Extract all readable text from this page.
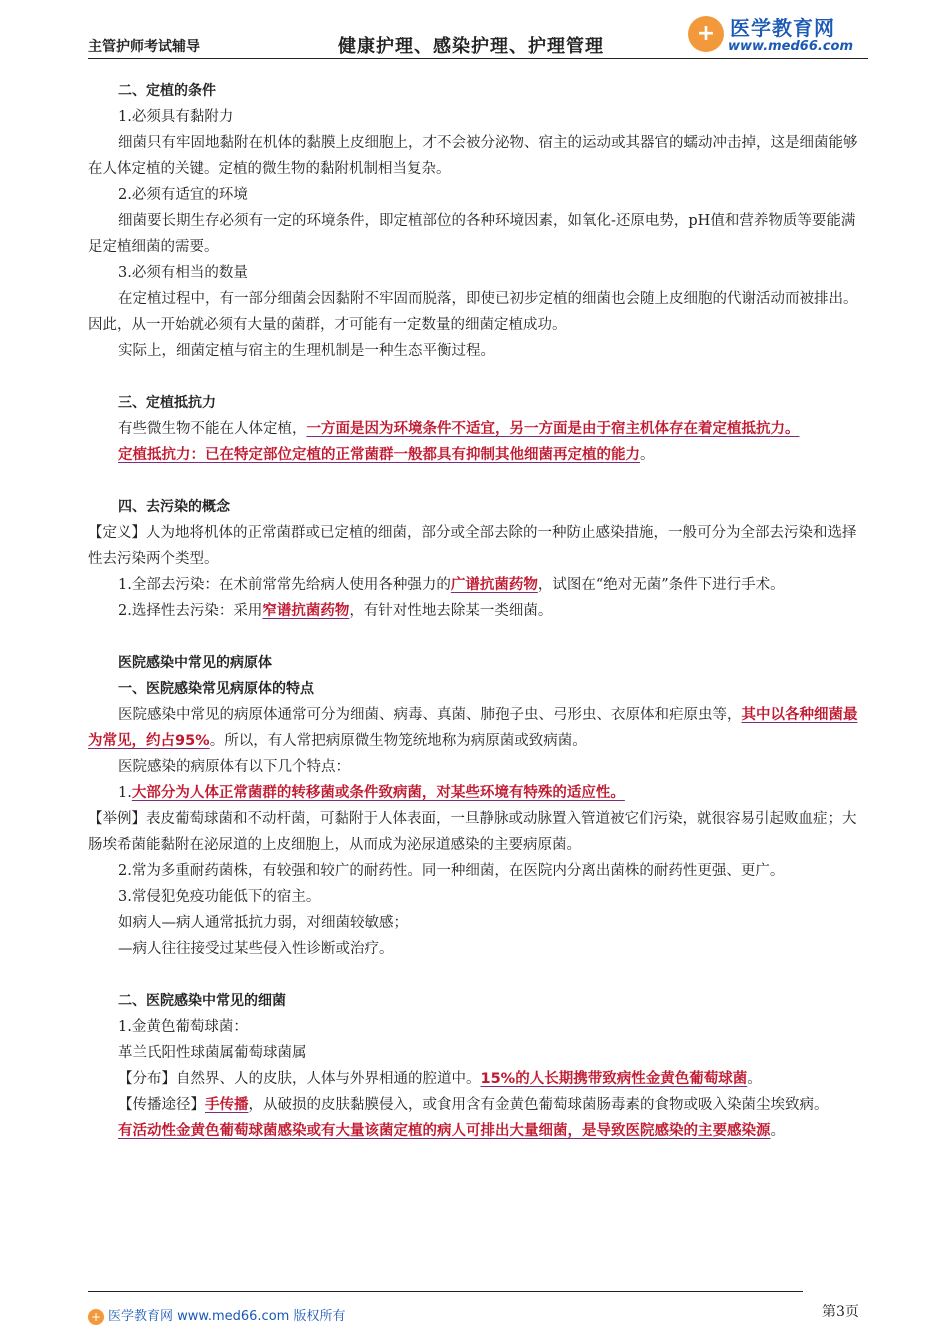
主管护师考试辅导	健康护理、感染护理、护理管理
+ 医学教育网
www.med66.com

二、定植的条件

1.必须具有黏附力

细菌只有牢固地黏附在机体的黏膜上皮细胞上，才不会被分泌物、宿主的运动或其器官的蠕动冲击掉，这是细菌能够在人体定植的关键。定植的微生物的黏附机制相当复杂。

2.必须有适宜的环境

细菌要长期生存必须有一定的环境条件，即定植部位的各种环境因素，如氧化-还原电势，pH值和营养物质等要能满足定植细菌的需要。

3.必须有相当的数量

在定植过程中，有一部分细菌会因黏附不牢固而脱落，即使已初步定植的细菌也会随上皮细胞的代谢活动而被排出。因此，从一开始就必须有大量的菌群，才可能有一定数量的细菌定植成功。

实际上，细菌定植与宿主的生理机制是一种生态平衡过程。

三、定植抵抗力

有些微生物不能在人体定植，一方面是因为环境条件不适宜，另一方面是由于宿主机体存在着定植抵抗力。

定植抵抗力：已在特定部位定植的正常菌群一般都具有抑制其他细菌再定植的能力。

四、去污染的概念

【定义】人为地将机体的正常菌群或已定植的细菌，部分或全部去除的一种防止感染措施，一般可分为全部去污染和选择性去污染两个类型。

1.全部去污染：在术前常常先给病人使用各种强力的广谱抗菌药物，试图在“绝对无菌”条件下进行手术。

2.选择性去污染：采用窄谱抗菌药物，有针对性地去除某一类细菌。

医院感染中常见的病原体

一、医院感染常见病原体的特点

医院感染中常见的病原体通常可分为细菌、病毒、真菌、肺孢子虫、弓形虫、衣原体和疟原虫等，其中以各种细菌最为常见，约占95%。所以，有人常把病原微生物笼统地称为病原菌或致病菌。

医院感染的病原体有以下几个特点：

1.大部分为人体正常菌群的转移菌或条件致病菌，对某些环境有特殊的适应性。

【举例】表皮葡萄球菌和不动杆菌，可黏附于人体表面，一旦静脉或动脉置入管道被它们污染，就很容易引起败血症；大肠埃希菌能黏附在泌尿道的上皮细胞上，从而成为泌尿道感染的主要病原菌。

2.常为多重耐药菌株，有较强和较广的耐药性。同一种细菌，在医院内分离出菌株的耐药性更强、更广。

3.常侵犯免疫功能低下的宿主。

如病人—病人通常抵抗力弱，对细菌较敏感；

—病人往往接受过某些侵入性诊断或治疗。

二、医院感染中常见的细菌

1.金黄色葡萄球菌：

革兰氏阳性球菌属葡萄球菌属

【分布】自然界、人的皮肤，人体与外界相通的腔道中。15%的人长期携带致病性金黄色葡萄球菌。

【传播途径】手传播，从破损的皮肤黏膜侵入，或食用含有金黄色葡萄球菌肠毒素的食物或吸入染菌尘埃致病。

有活动性金黄色葡萄球菌感染或有大量该菌定植的病人可排出大量细菌，是导致医院感染的主要感染源。

+ 医学教育网 www.med66.com 版权所有	第3页
